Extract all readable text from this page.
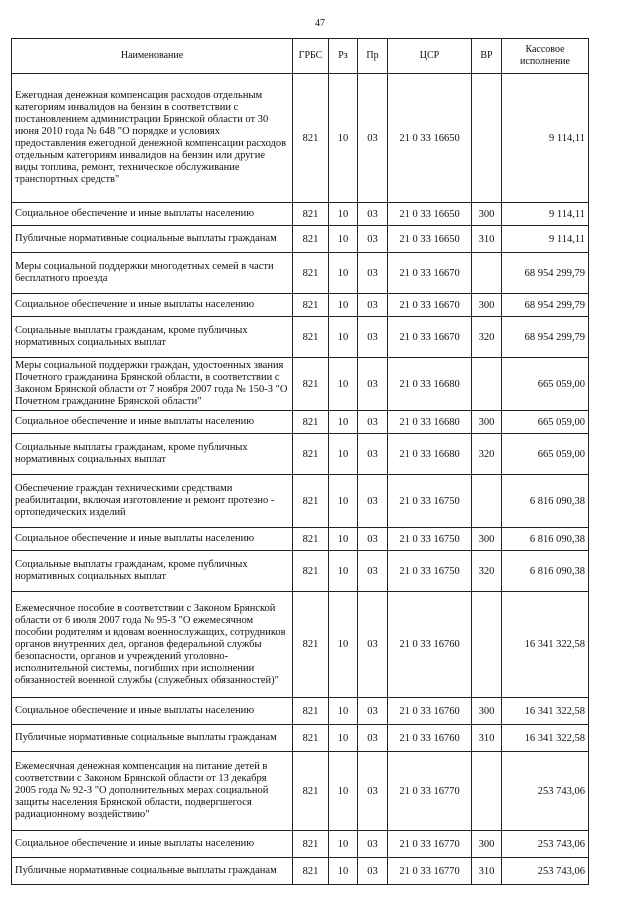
47
Наименование	ГРБС	Рз	Пр	ЦСР	ВР	Кассовое исполнение
Ежегодная денежная компенсация расходов отдельным категориям инвалидов на бензин в соответствии с постановлением администрации Брянской области от 30 июня 2010 года № 648 "О порядке и условиях предоставления ежегодной денежной компенсации расходов отдельным категориям инвалидов на бензин или другие виды топлива, ремонт, техническое обслуживание транспортных средств"	821	10	03	21 0 33 16650		9 114,11
Социальное обеспечение и иные выплаты населению	821	10	03	21 0 33 16650	300	9 114,11
Публичные нормативные социальные выплаты гражданам	821	10	03	21 0 33 16650	310	9 114,11
Меры социальной поддержки многодетных семей в части бесплатного проезда	821	10	03	21 0 33 16670		68 954 299,79
Социальное обеспечение и иные выплаты населению	821	10	03	21 0 33 16670	300	68 954 299,79
Социальные выплаты гражданам, кроме публичных нормативных социальных выплат	821	10	03	21 0 33 16670	320	68 954 299,79
Меры социальной поддержки граждан, удостоенных звания Почетного гражданина Брянской области, в соответствии с Законом Брянской области от 7 ноября 2007 года № 150-З "О Почетном гражданине Брянской области"	821	10	03	21 0 33 16680		665 059,00
Социальное обеспечение и иные выплаты населению	821	10	03	21 0 33 16680	300	665 059,00
Социальные выплаты гражданам, кроме публичных нормативных социальных выплат	821	10	03	21 0 33 16680	320	665 059,00
Обеспечение граждан техническими средствами реабилитации, включая изготовление и ремонт протезно - ортопедических изделий	821	10	03	21 0 33 16750		6 816 090,38
Социальное обеспечение и иные выплаты населению	821	10	03	21 0 33 16750	300	6 816 090,38
Социальные выплаты гражданам, кроме публичных нормативных социальных выплат	821	10	03	21 0 33 16750	320	6 816 090,38
Ежемесячное пособие в соответствии с Законом Брянской области от 6 июля 2007 года № 95-З "О ежемесячном пособии родителям и вдовам военнослужащих, сотрудников органов внутренних дел, органов федеральной службы безопасности, органов и учреждений уголовно-исполнительной системы, погибших при исполнении обязанностей военной службы (служебных обязанностей)"	821	10	03	21 0 33 16760		16 341 322,58
Социальное обеспечение и иные выплаты населению	821	10	03	21 0 33 16760	300	16 341 322,58
Публичные нормативные социальные выплаты гражданам	821	10	03	21 0 33 16760	310	16 341 322,58
Ежемесячная денежная компенсация на питание детей в соответствии с Законом Брянской области от 13 декабря 2005 года № 92-З "О дополнительных мерах социальной защиты населения Брянской области, подвергшегося радиационному воздействию"	821	10	03	21 0 33 16770		253 743,06
Социальное обеспечение и иные выплаты населению	821	10	03	21 0 33 16770	300	253 743,06
Публичные нормативные социальные выплаты гражданам	821	10	03	21 0 33 16770	310	253 743,06
